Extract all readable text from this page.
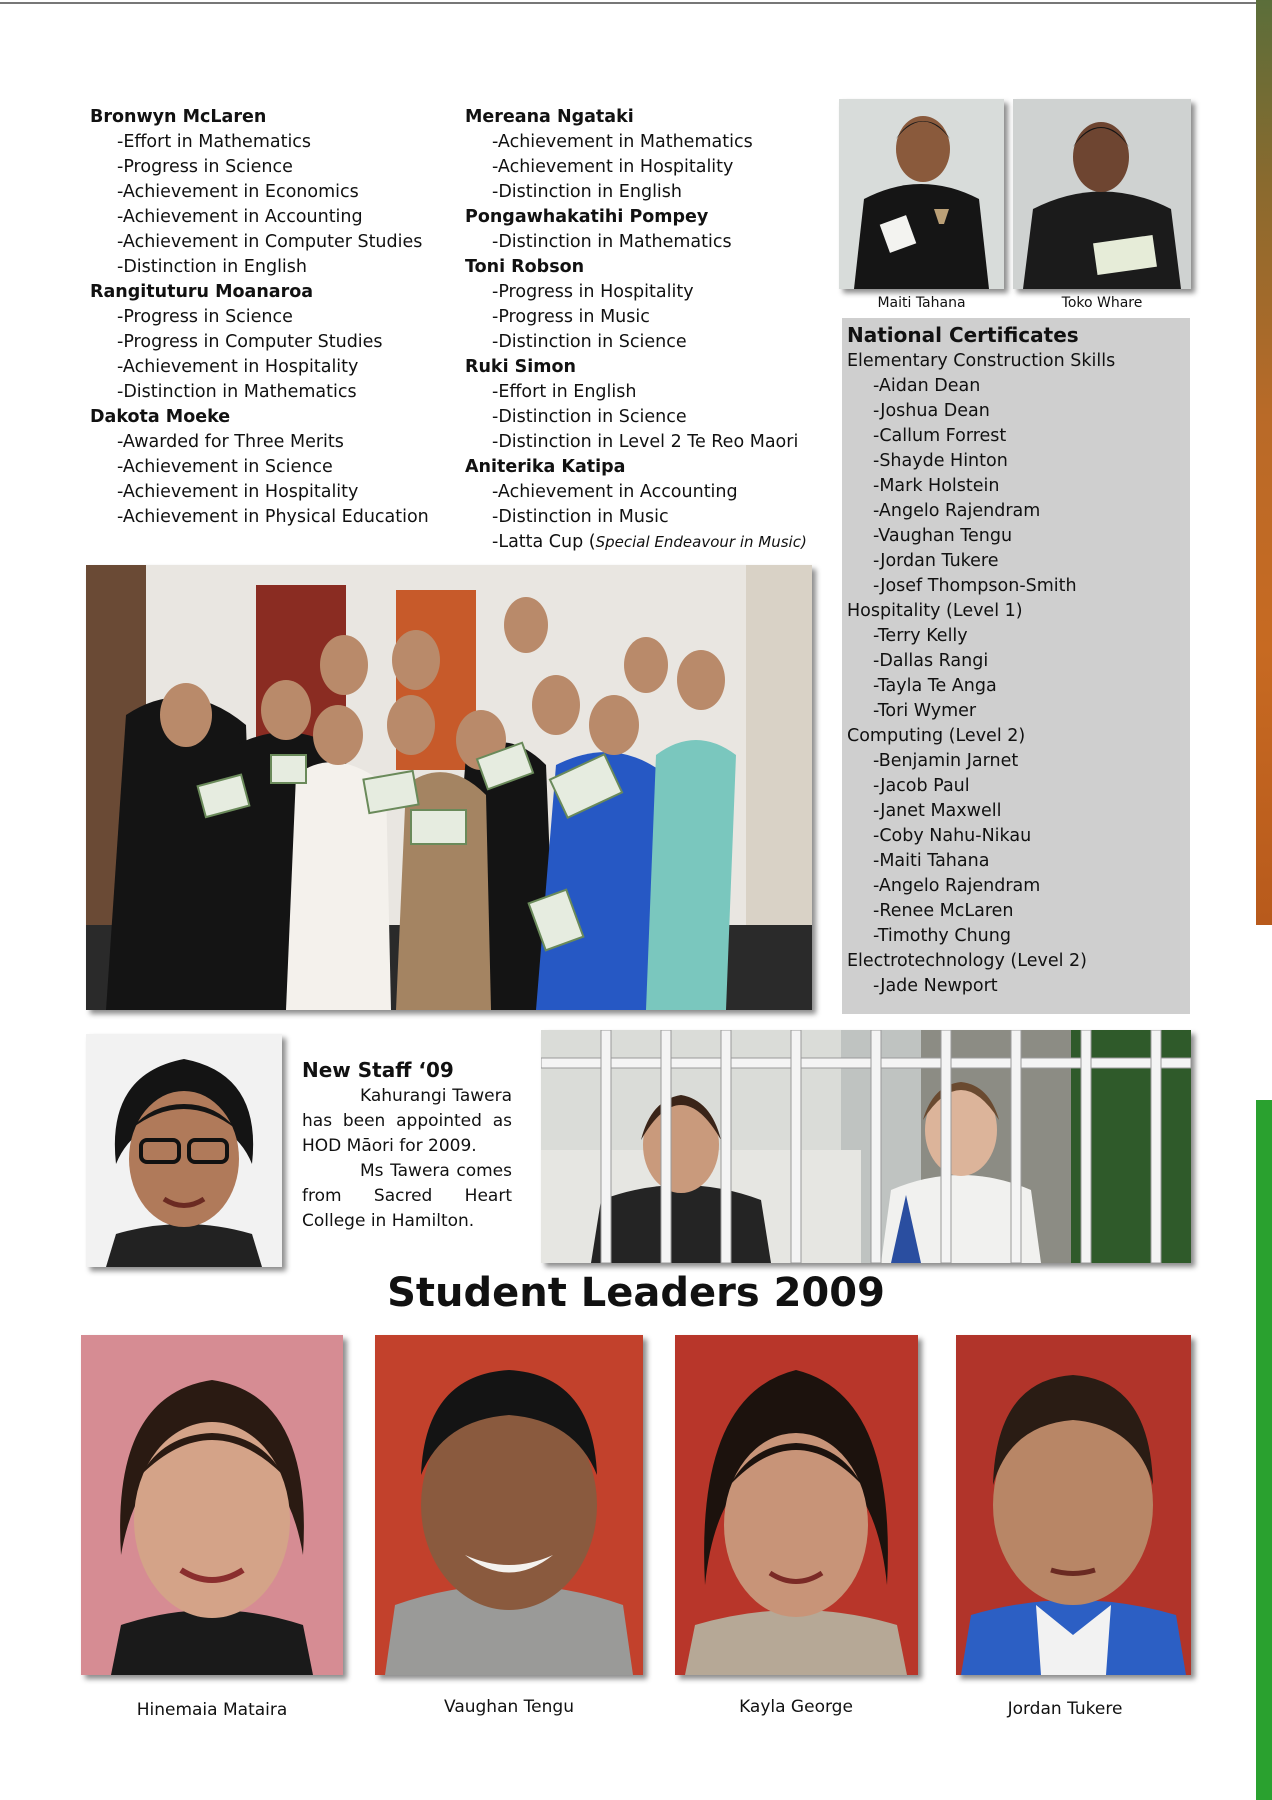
Bronwyn McLaren
-Effort in Mathematics
-Progress in Science
-Achievement in Economics
-Achievement in Accounting
-Achievement in Computer Studies
-Distinction in English
Rangituturu Moanaroa
-Progress in Science
-Progress in Computer Studies
-Achievement in Hospitality
-Distinction in Mathematics
Dakota Moeke
-Awarded for Three Merits
-Achievement in Science
-Achievement in Hospitality
-Achievement in Physical Education
Mereana Ngataki
-Achievement in Mathematics
-Achievement in Hospitality
-Distinction in English
Pongawhakatihi Pompey
-Distinction in Mathematics
Toni Robson
-Progress in Hospitality
-Progress in Music
-Distinction in Science
Ruki Simon
-Effort in English
-Distinction in Science
-Distinction in Level 2 Te Reo Maori
Aniterika Katipa
-Achievement in Accounting
-Distinction in Music
-Latta Cup (Special Endeavour in Music)
Maiti Tahana	Toko Whare
National Certificates
Elementary Construction Skills
-Aidan Dean
-Joshua Dean
-Callum Forrest
-Shayde Hinton
-Mark Holstein
-Angelo Rajendram
-Vaughan Tengu
-Jordan Tukere
-Josef Thompson-Smith
Hospitality (Level 1)
-Terry Kelly
-Dallas Rangi
-Tayla Te Anga
-Tori Wymer
Computing (Level 2)
-Benjamin Jarnet
-Jacob Paul
-Janet Maxwell
-Coby Nahu-Nikau
-Maiti Tahana
-Angelo Rajendram
-Renee McLaren
-Timothy Chung
Electrotechnology (Level 2)
-Jade Newport
New Staff ‘09

Kahurangi Tawera has been appointed as HOD Māori for 2009.

Ms Tawera comes from Sacred Heart College in Hamilton.

Student Leaders 2009
Hinemaia Mataira	Vaughan Tengu	Kayla George	Jordan Tukere
